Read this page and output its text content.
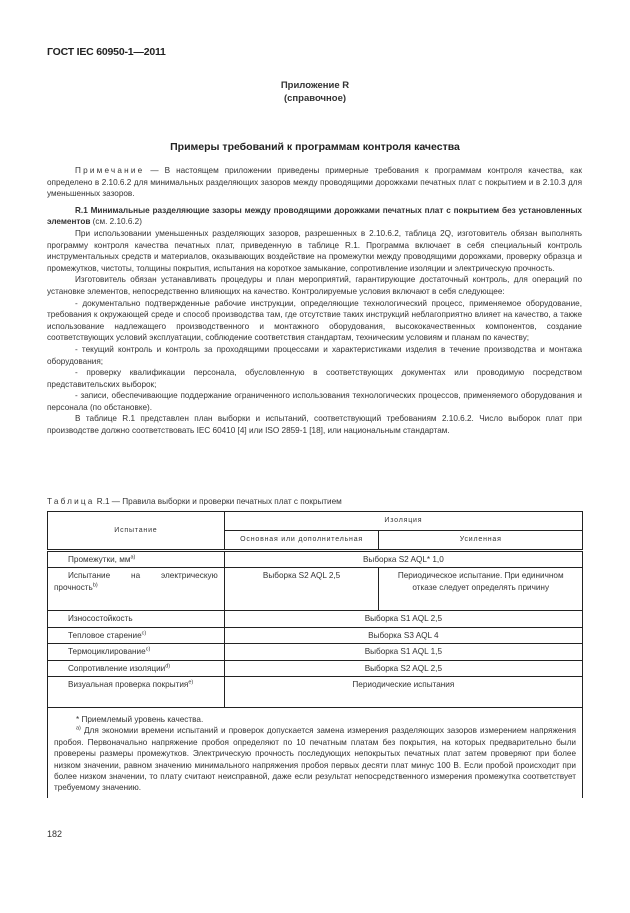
ГОСТ IEC 60950-1—2011
Приложение R
(справочное)
Примеры требований к программам контроля качества

Примечание — В настоящем приложении приведены примерные требования к программам контроля качества, как определено в 2.10.6.2 для минимальных разделяющих зазоров между проводящими дорожками печатных плат с покрытием и в 2.10.3 для уменьшенных зазоров.

R.1 Минимальные разделяющие зазоры между проводящими дорожками печатных плат с покрытием без установленных элементов (см. 2.10.6.2)

При использовании уменьшенных разделяющих зазоров, разрешенных в 2.10.6.2, таблица 2Q, изготовитель обязан выполнять программу контроля качества печатных плат, приведенную в таблице R.1. Программа включает в себя специальный контроль инструментальных средств и материалов, оказывающих воздействие на промежутки между проводящими дорожками, проверку образца и промежутков, чистоты, толщины покрытия, испытания на короткое замыкание, сопротивление изоляции и электрическую прочность.

Изготовитель обязан устанавливать процедуры и план мероприятий, гарантирующие достаточный контроль, для операций по установке элементов, непосредственно влияющих на качество. Контролируемые условия включают в себя следующее:

- документально подтвержденные рабочие инструкции, определяющие технологический процесс, применяемое оборудование, требования к окружающей среде и способ производства там, где отсутствие таких инструкций неблагоприятно влияет на качество, а также использование надлежащего производственного и монтажного оборудования, высококачественных компонентов, создание соответствующих условий эксплуатации, соблюдение соответствия стандартам, техническим условиям и планам по качеству;

- текущий контроль и контроль за проходящими процессами и характеристиками изделия в течение производства и монтажа оборудования;

- проверку квалификации персонала, обусловленную в соответствующих документах или проводимую посредством представительских выборок;

- записи, обеспечивающие поддержание ограниченного использования технологических процессов, применяемого оборудования и персонала (по обстановке).

В таблице R.1 представлен план выборки и испытаний, соответствующий требованиям 2.10.6.2. Число выборок плат при производстве должно соответствовать IEC 60410 [4] или ISO 2859-1 [18], или национальным стандартам.

Таблица R.1 — Правила выборки и проверки печатных плат с покрытием
Испытание	Изоляция	
	Основная или дополнительная	Усиленная
Промежутки, $мм^{a)}$	Выборка S2 AQL* 1,0	
Испытание на электрическую прочность$^{b)}$	Выборка S2 AQL 2,5	Периодическое испытание. При единичном отказе следует определять причину
Износостойкость	Выборка S1 AQL 2,5	
Тепловое старение$^{c)}$	Выборка S3 AQL 4	
Термоциклирование$^{c)}$	Выборка S1 AQL 1,5	
Сопротивление изоляции$^{d)}$	Выборка S2 AQL 2,5	
Визуальная проверка покрытия$^{e)}$	Периодические испытания	

* Приемлемый уровень качества.

$^{a)}$ Для экономии времени испытаний и проверок допускается замена измерения разделяющих зазоров измерением напряжения пробоя. Первоначально напряжение пробоя определяют по 10 печатным платам без покрытия, на которых предварительно были проверены размеры промежутков. Электрическую прочность последующих непокрытых печатных плат затем проверяют при более низком значении, равном значению минимального напряжения пробоя первых десяти плат минус 100 В. Если пробой происходит при более низком значении, то плату считают неисправной, даже если результат непосредственного измерения промежутка соответствует требуемому значению.		

182
